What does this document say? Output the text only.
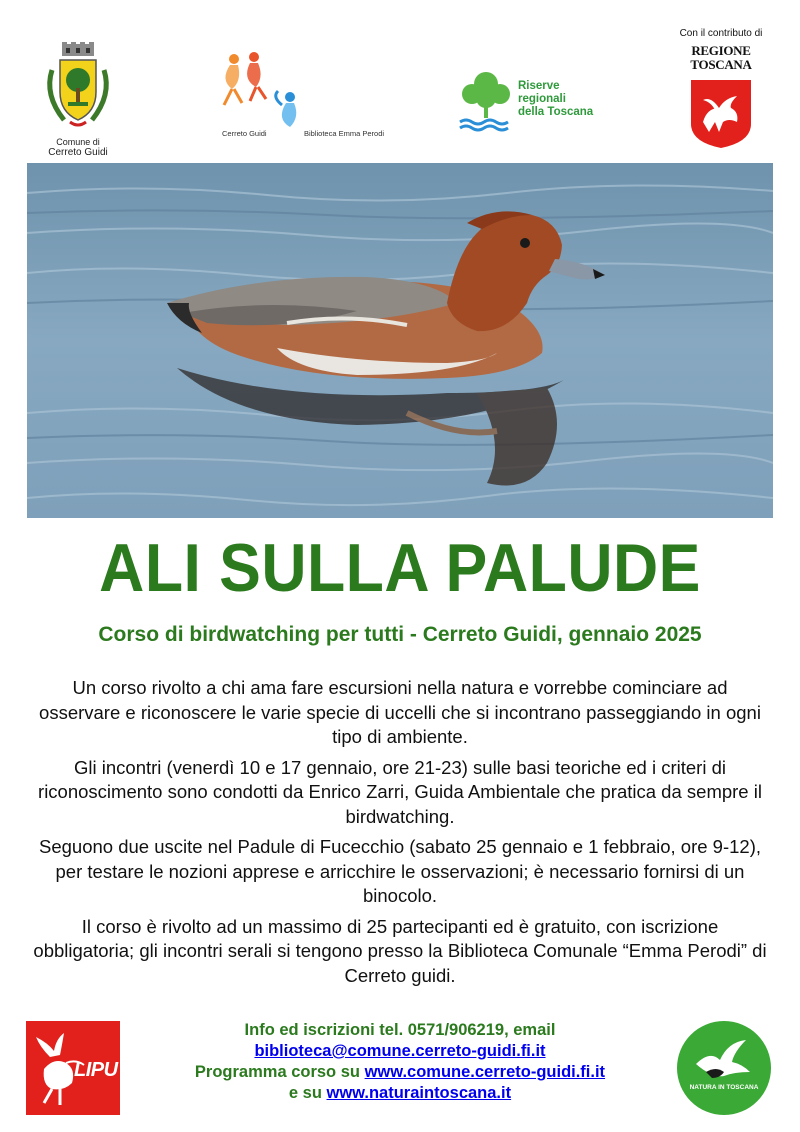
Comune di
Cerreto Guidi
Cerreto Guidi	Biblioteca Emma Perodi
Riserve
regionali
della Toscana
Con il contributo di
REGIONE
TOSCANA
ALI SULLA PALUDE
Corso di birdwatching per tutti - Cerreto Guidi, gennaio 2025

Un corso rivolto a chi ama fare escursioni nella natura e vorrebbe cominciare ad osservare e riconoscere le varie specie di uccelli che si incontrano passeggiando in ogni tipo di ambiente.

Gli incontri (venerdì 10 e 17 gennaio, ore 21-23) sulle basi teoriche ed i criteri di riconoscimento sono condotti da Enrico Zarri, Guida Ambientale che pratica da sempre il birdwatching.

Seguono due uscite nel Padule di Fucecchio (sabato 25 gennaio e 1 febbraio, ore 9-12), per testare le nozioni apprese e arricchire le osservazioni; è necessario fornirsi di un binocolo.

Il corso è rivolto ad un massimo di 25 partecipanti ed è gratuito, con iscrizione obbligatoria; gli incontri serali si tengono presso la Biblioteca Comunale “Emma Perodi” di Cerreto guidi.

LIPU
Info ed iscrizioni tel. 0571/906219, email
biblioteca@comune.cerreto-guidi.fi.it
Programma corso su www.comune.cerreto-guidi.fi.it
e su www.naturaintoscana.it	NATURA IN TOSCANA
